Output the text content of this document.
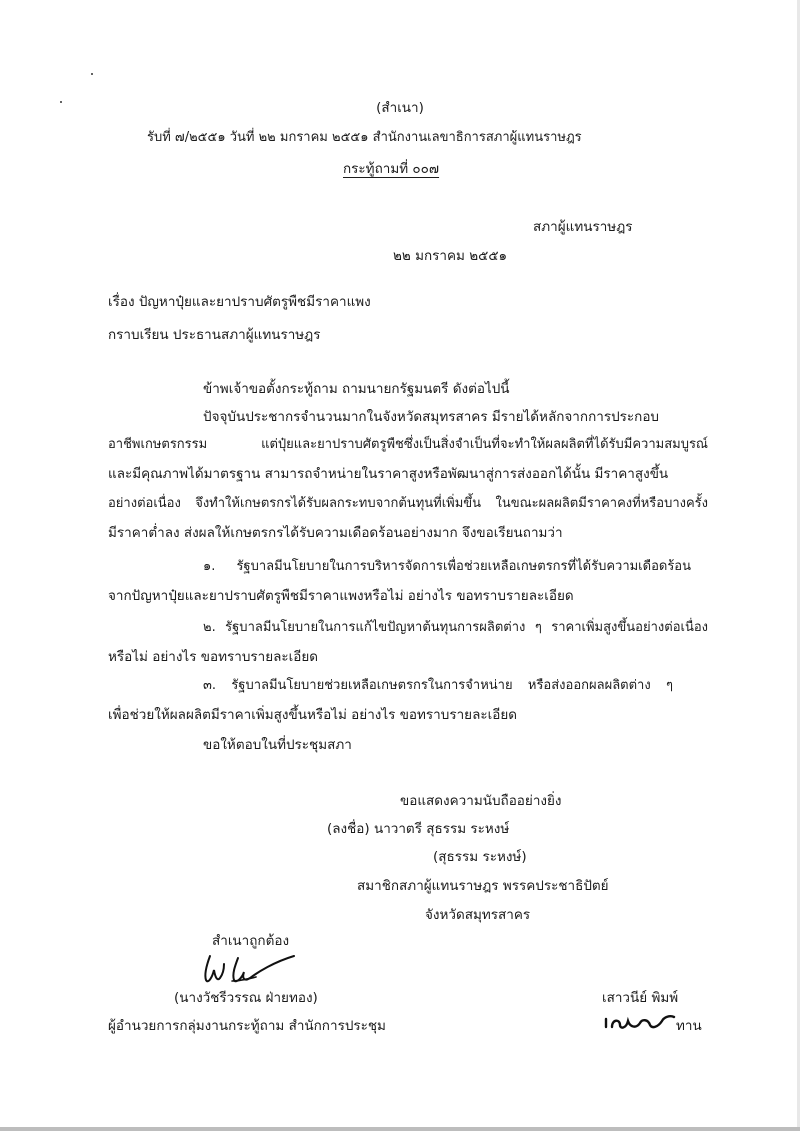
(สำเนา)
รับที่ ๗/๒๕๕๑ วันที่ ๒๒ มกราคม ๒๕๕๑ สำนักงานเลขาธิการสภาผู้แทนราษฎร
กระทู้ถามที่ ๐๐๗
สภาผู้แทนราษฎร
๒๒ มกราคม ๒๕๕๑
เรื่อง ปัญหาปุ๋ยและยาปราบศัตรูพืชมีราคาแพง
กราบเรียน ประธานสภาผู้แทนราษฎร
ข้าพเจ้าขอตั้งกระทู้ถาม ถามนายกรัฐมนตรี ดังต่อไปนี้
ปัจจุบันประชากรจำนวนมากในจังหวัดสมุทรสาคร มีรายได้หลักจากการประกอบ
อาชีพเกษตรกรรม แต่ปุ๋ยและยาปราบศัตรูพืชซึ่งเป็นสิ่งจำเป็นที่จะทำให้ผลผลิตที่ได้รับมีความสมบูรณ์
และมีคุณภาพได้มาตรฐาน สามารถจำหน่ายในราคาสูงหรือพัฒนาสู่การส่งออกได้นั้น มีราคาสูงขึ้น
อย่างต่อเนื่อง จึงทำให้เกษตรกรได้รับผลกระทบจากต้นทุนที่เพิ่มขึ้น ในขณะผลผลิตมีราคาคงที่หรือบางครั้ง
มีราคาต่ำลง ส่งผลให้เกษตรกรได้รับความเดือดร้อนอย่างมาก จึงขอเรียนถามว่า
๑. รัฐบาลมีนโยบายในการบริหารจัดการเพื่อช่วยเหลือเกษตรกรที่ได้รับความเดือดร้อน
จากปัญหาปุ๋ยและยาปราบศัตรูพืชมีราคาแพงหรือไม่ อย่างไร ขอทราบรายละเอียด
๒. รัฐบาลมีนโยบายในการแก้ไขปัญหาต้นทุนการผลิตต่าง ๆ ราคาเพิ่มสูงขึ้นอย่างต่อเนื่อง
หรือไม่ อย่างไร ขอทราบรายละเอียด
๓. รัฐบาลมีนโยบายช่วยเหลือเกษตรกรในการจำหน่าย หรือส่งออกผลผลิตต่าง ๆ
เพื่อช่วยให้ผลผลิตมีราคาเพิ่มสูงขึ้นหรือไม่ อย่างไร ขอทราบรายละเอียด
ขอให้ตอบในที่ประชุมสภา
ขอแสดงความนับถืออย่างยิ่ง
(ลงชื่อ) นาวาตรี สุธรรม ระหงษ์
(สุธรรม ระหงษ์)
สมาชิกสภาผู้แทนราษฎร พรรคประชาธิปัตย์
จังหวัดสมุทรสาคร
สำเนาถูกต้อง
(นางวัชรีวรรณ ฝ่ายทอง)
ผู้อำนวยการกลุ่มงานกระทู้ถาม สำนักการประชุม
เสาวนีย์ พิมพ์
ทาน
